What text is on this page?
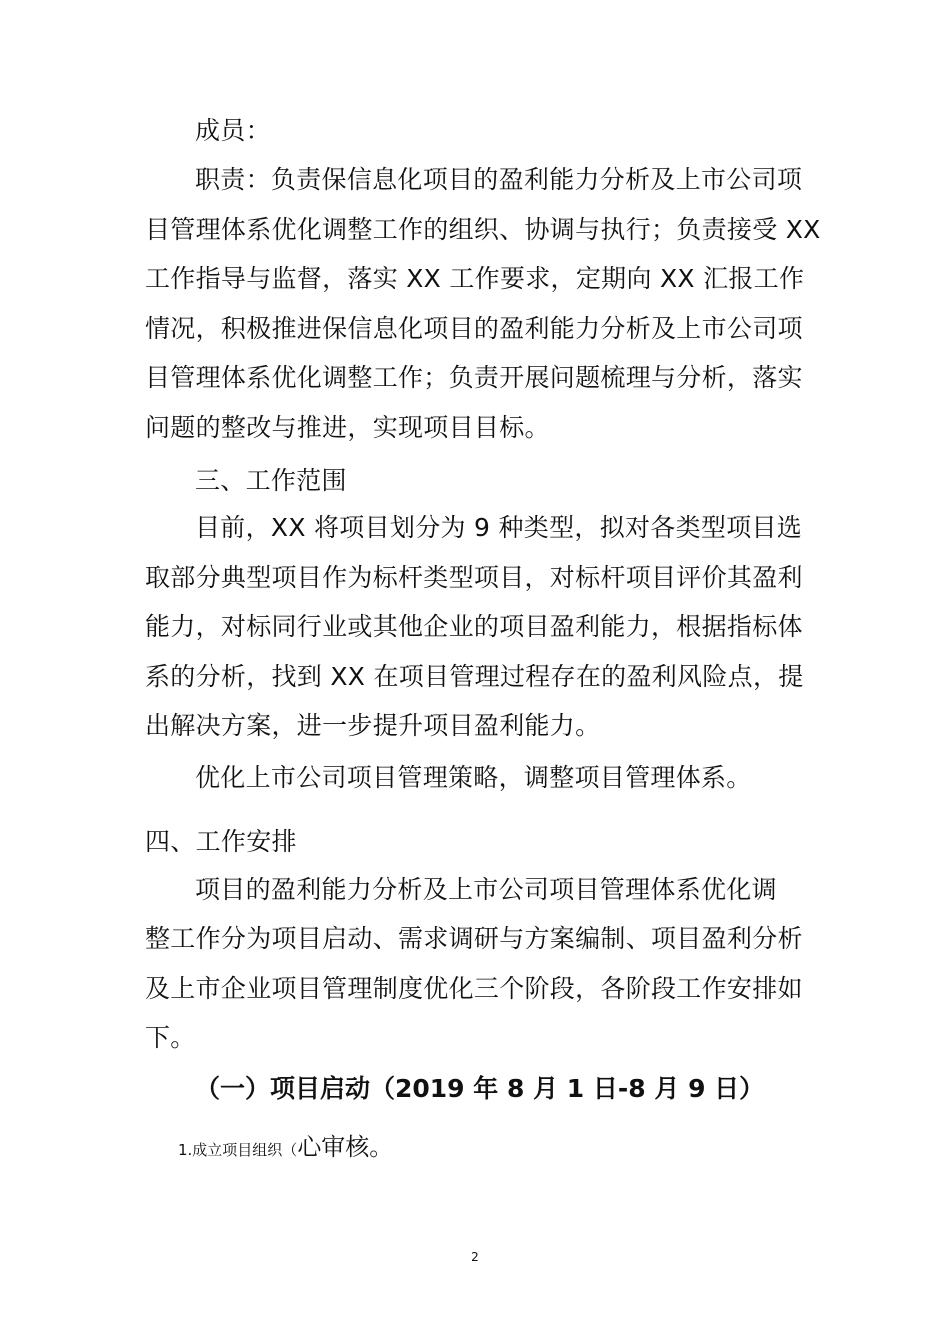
成员：
职责：负责保信息化项目的盈利能力分析及上市公司项
目管理体系优化调整工作的组织、协调与执行；负责接受 XX
工作指导与监督，落实 XX 工作要求，定期向 XX 汇报工作
情况，积极推进保信息化项目的盈利能力分析及上市公司项
目管理体系优化调整工作；负责开展问题梳理与分析，落实
问题的整改与推进，实现项目目标。
三、工作范围
目前，XX 将项目划分为 9 种类型，拟对各类型项目选
取部分典型项目作为标杆类型项目，对标杆项目评价其盈利
能力，对标同行业或其他企业的项目盈利能力，根据指标体
系的分析，找到 XX 在项目管理过程存在的盈利风险点，提
出解决方案，进一步提升项目盈利能力。
优化上市公司项目管理策略，调整项目管理体系。
四、工作安排
项目的盈利能力分析及上市公司项目管理体系优化调
整工作分为项目启动、需求调研与方案编制、项目盈利分析
及上市企业项目管理制度优化三个阶段，各阶段工作安排如
下。
（一）项目启动（2019 年 8 月 1 日-8 月 9 日）
1.成立项目组织（心审核。
2
